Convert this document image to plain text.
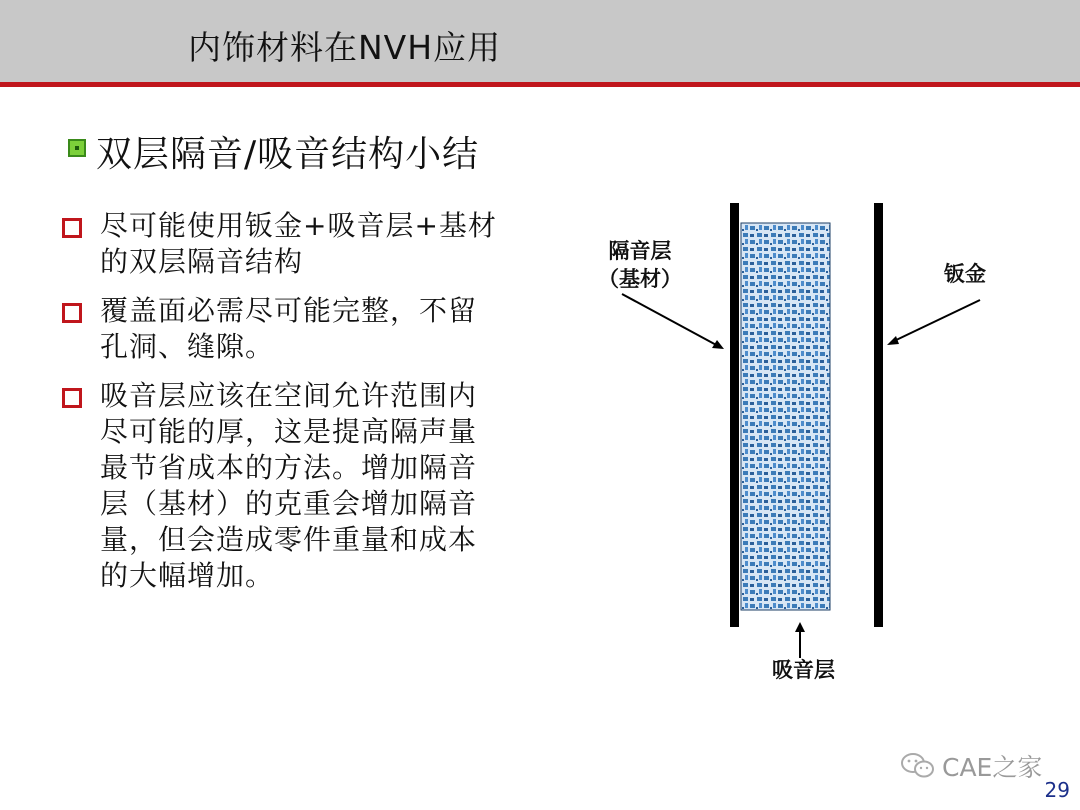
内饰材料在NVH应用
双层隔音/吸音结构小结
尽可能使用钣金+吸音层+基材
的双层隔音结构
覆盖面必需尽可能完整，不留
孔洞、缝隙。
吸音层应该在空间允许范围内
尽可能的厚，这是提高隔声量
最节省成本的方法。增加隔音
层（基材）的克重会增加隔音
量，但会造成零件重量和成本
的大幅增加。
隔音层
（基材）	钣金
吸音层
CAE之家
29
